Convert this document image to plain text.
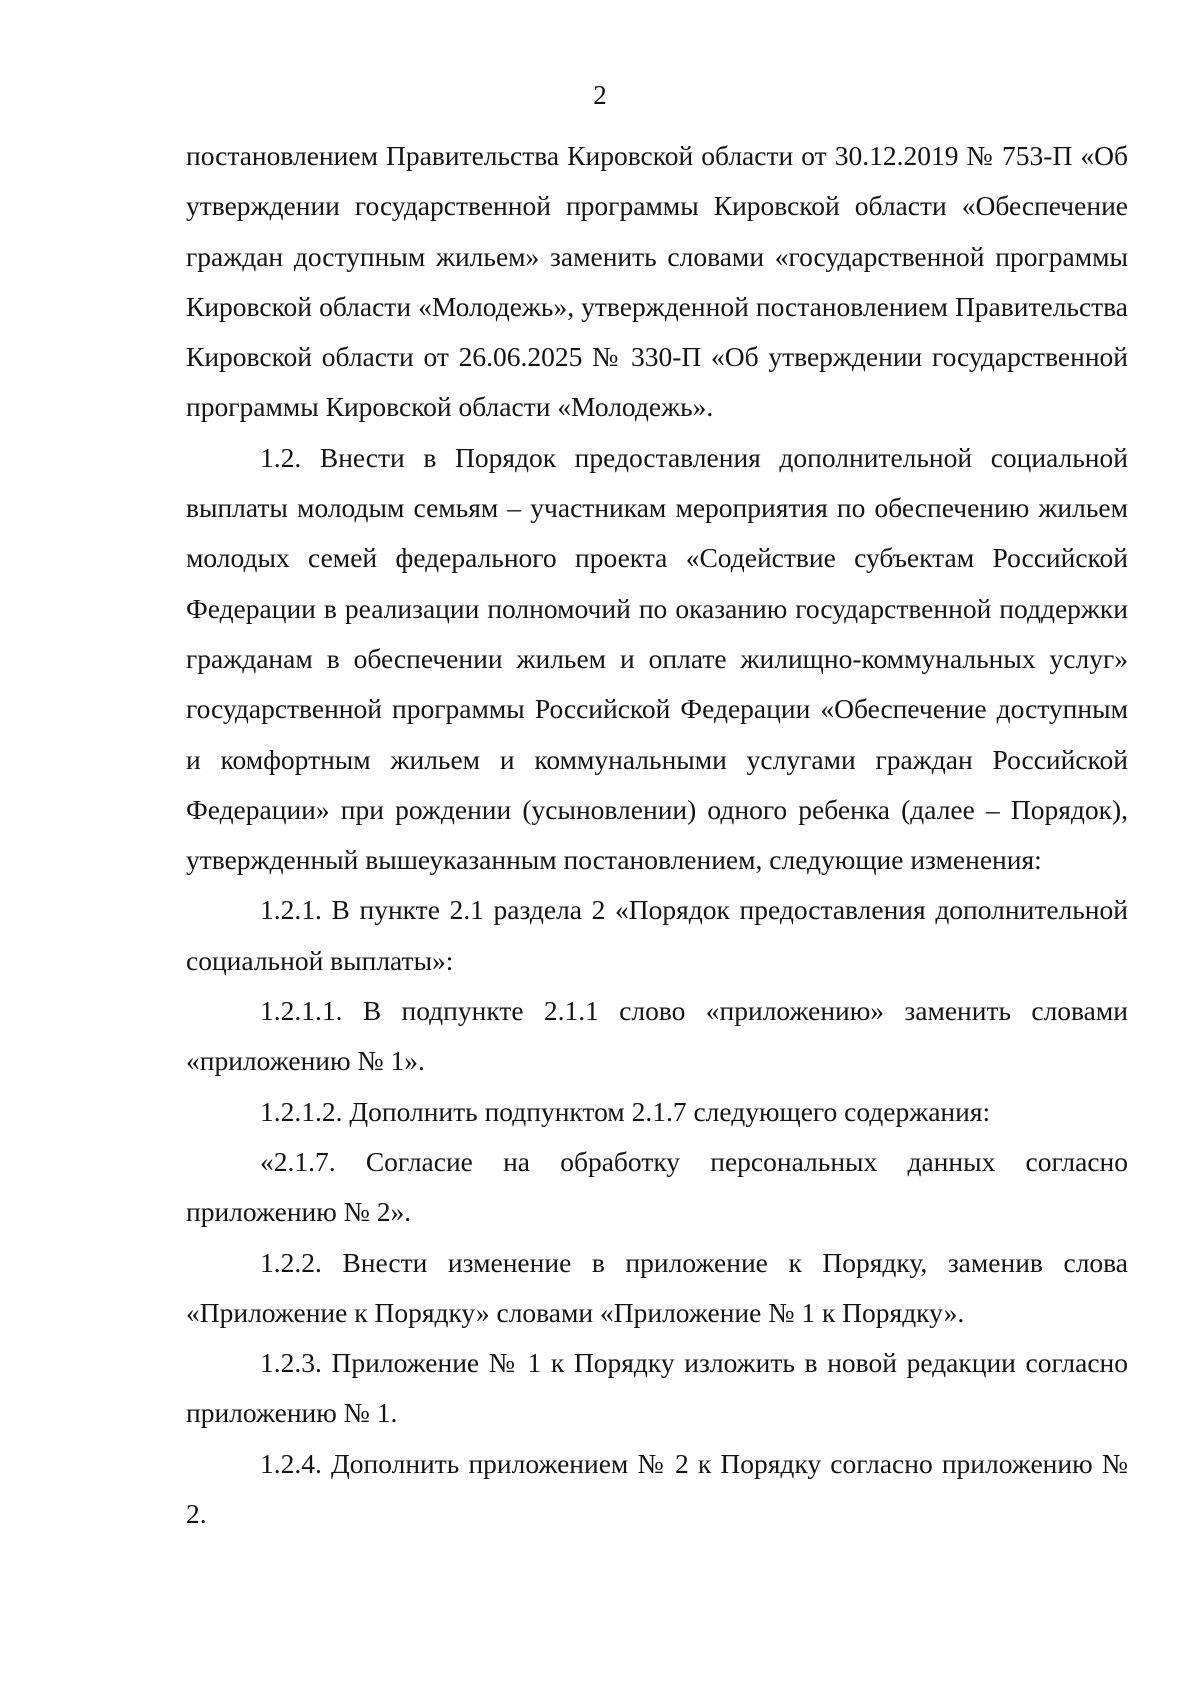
2

постановлением Правительства Кировской области от 30.12.2019 № 753-П «Об утверждении государственной программы Кировской области «Обеспечение граждан доступным жильем» заменить словами «государственной программы Кировской области «Молодежь», утвержденной постановлением Правительства Кировской области от 26.06.2025 № 330-П «Об утверждении государственной программы Кировской области «Молодежь».

1.2. Внести в Порядок предоставления дополнительной социальной выплаты молодым семьям – участникам мероприятия по обеспечению жильем молодых семей федерального проекта «Содействие субъектам Российской Федерации в реализации полномочий по оказанию государственной поддержки гражданам в обеспечении жильем и оплате жилищно-коммунальных услуг» государственной программы Российской Федерации «Обеспечение доступным и комфортным жильем и коммунальными услугами граждан Российской Федерации» при рождении (усыновлении) одного ребенка (далее – Порядок), утвержденный вышеуказанным постановлением, следующие изменения:

1.2.1. В пункте 2.1 раздела 2 «Порядок предоставления дополнительной социальной выплаты»:

1.2.1.1. В подпункте 2.1.1 слово «приложению» заменить словами «приложению № 1».

1.2.1.2. Дополнить подпунктом 2.1.7 следующего содержания:

«2.1.7. Согласие на обработку персональных данных согласно приложению № 2».

1.2.2. Внести изменение в приложение к Порядку, заменив слова «Приложение к Порядку» словами «Приложение № 1 к Порядку».

1.2.3. Приложение № 1 к Порядку изложить в новой редакции согласно приложению № 1.

1.2.4. Дополнить приложением № 2 к Порядку согласно приложению № 2.
